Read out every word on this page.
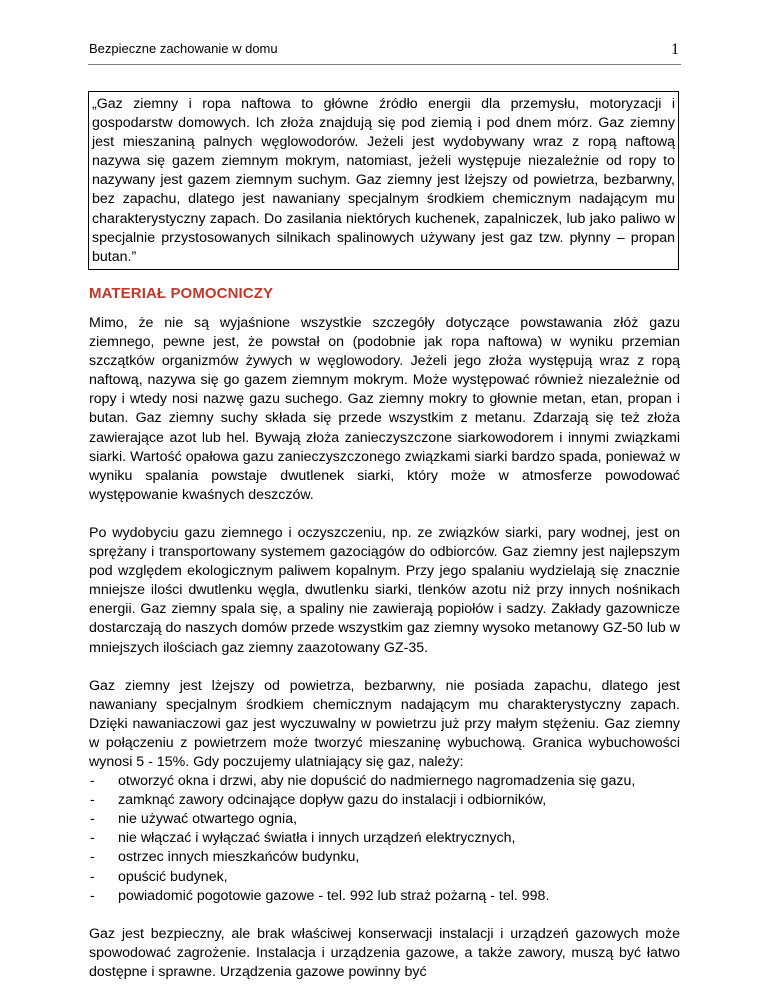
Bezpieczne zachowanie w domu	1

„Gaz ziemny i ropa naftowa to główne źródło energii dla przemysłu, motoryzacji i gospodarstw domowych. Ich złoża znajdują się pod ziemią i pod dnem mórz. Gaz ziemny jest mieszaniną palnych węglowodorów. Jeżeli jest wydobywany wraz z ropą naftową nazywa się gazem ziemnym mokrym, natomiast, jeżeli występuje niezależnie od ropy to nazywany jest gazem ziemnym suchym. Gaz ziemny jest lżejszy od powietrza, bezbarwny, bez zapachu, dlatego jest nawaniany specjalnym środkiem chemicznym nadającym mu charakterystyczny zapach. Do zasilania niektórych kuchenek, zapalniczek, lub jako paliwo w specjalnie przystosowanych silnikach spalinowych używany jest gaz tzw. płynny – propan butan.”

MATERIAŁ POMOCNICZY

Mimo, że nie są wyjaśnione wszystkie szczegóły dotyczące powstawania złóż gazu ziemnego, pewne jest, że powstał on (podobnie jak ropa naftowa) w wyniku przemian szczątków organizmów żywych w węglowodory. Jeżeli jego złoża występują wraz z ropą naftową, nazywa się go gazem ziemnym mokrym. Może występować również niezależnie od ropy i wtedy nosi nazwę gazu suchego. Gaz ziemny mokry to głownie metan, etan, propan i butan. Gaz ziemny suchy składa się przede wszystkim z metanu. Zdarzają się też złoża zawierające azot lub hel. Bywają złoża zanieczyszczone siarkowodorem i innymi związkami siarki. Wartość opałowa gazu zanieczyszczonego związkami siarki bardzo spada, ponieważ w wyniku spalania powstaje dwutlenek siarki, który może w atmosferze powodować występowanie kwaśnych deszczów.

Po wydobyciu gazu ziemnego i oczyszczeniu, np. ze związków siarki, pary wodnej, jest on sprężany i transportowany systemem gazociągów do odbiorców. Gaz ziemny jest najlepszym pod względem ekologicznym paliwem kopalnym. Przy jego spalaniu wydzielają się znacznie mniejsze ilości dwutlenku węgla, dwutlenku siarki, tlenków azotu niż przy innych nośnikach energii. Gaz ziemny spala się, a spaliny nie zawierają popiołów i sadzy. Zakłady gazownicze dostarczają do naszych domów przede wszystkim gaz ziemny wysoko metanowy GZ-50 lub w mniejszych ilościach gaz ziemny zaazotowany GZ-35.

Gaz ziemny jest lżejszy od powietrza, bezbarwny, nie posiada zapachu, dlatego jest nawaniany specjalnym środkiem chemicznym nadającym mu charakterystyczny zapach. Dzięki nawaniaczowi gaz jest wyczuwalny w powietrzu już przy małym stężeniu. Gaz ziemny w połączeniu z powietrzem może tworzyć mieszaninę wybuchową. Granica wybuchowości wynosi 5 - 15%. Gdy poczujemy ulatniający się gaz, należy:

- otworzyć okna i drzwi, aby nie dopuścić do nadmiernego nagromadzenia się gazu,
- zamknąć zawory odcinające dopływ gazu do instalacji i odbiorników,
- nie używać otwartego ognia,
- nie włączać i wyłączać światła i innych urządzeń elektrycznych,
- ostrzec innych mieszkańców budynku,
- opuścić budynek,
- powiadomić pogotowie gazowe - tel. 992 lub straż pożarną - tel. 998.

Gaz jest bezpieczny, ale brak właściwej konserwacji instalacji i urządzeń gazowych może spowodować zagrożenie. Instalacja i urządzenia gazowe, a także zawory, muszą być łatwo dostępne i sprawne. Urządzenia gazowe powinny być
